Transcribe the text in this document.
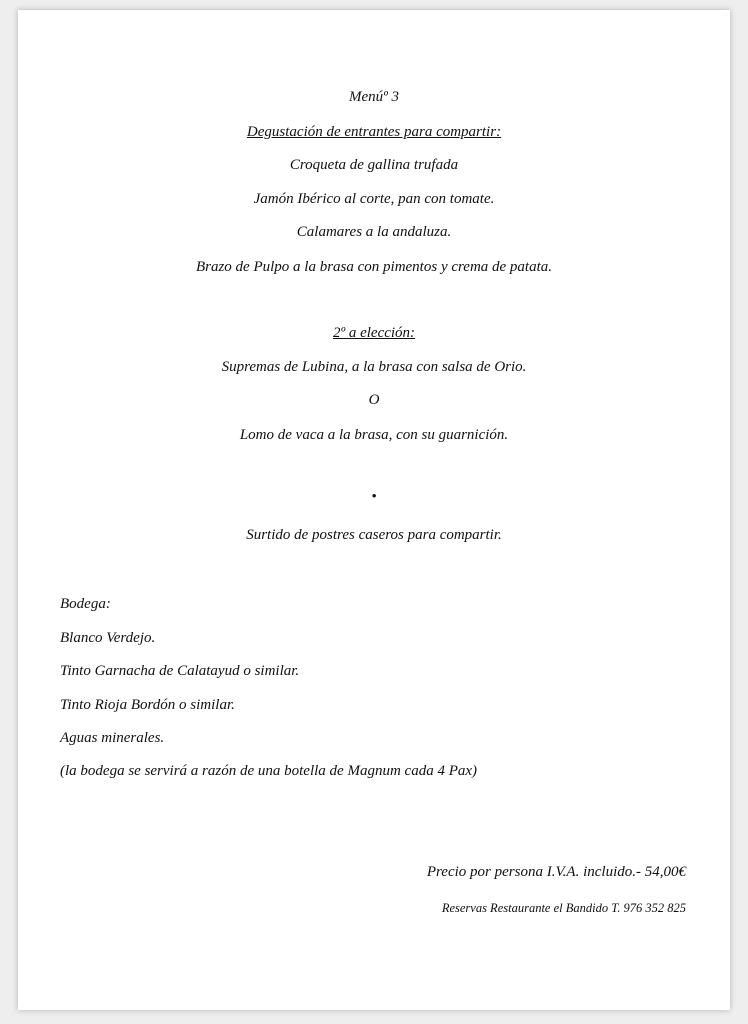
Menúº 3
Degustación de entrantes para compartir:
Croqueta de gallina trufada
Jamón Ibérico al corte, pan con tomate.
Calamares a la andaluza.
Brazo de Pulpo a la brasa con pimentos y crema de patata.
2º a elección:
Supremas de Lubina, a la brasa con salsa de Orio.
O
Lomo de vaca a la brasa, con su guarnición.
•
Surtido de postres caseros para compartir.
Bodega:
Blanco Verdejo.
Tinto Garnacha de Calatayud o similar.
Tinto Rioja Bordón o similar.
Aguas minerales.
(la bodega se servirá a razón de una botella de Magnum cada 4 Pax)
Precio por persona I.V.A. incluido.- 54,00€
Reservas Restaurante el Bandido T. 976 352 825
